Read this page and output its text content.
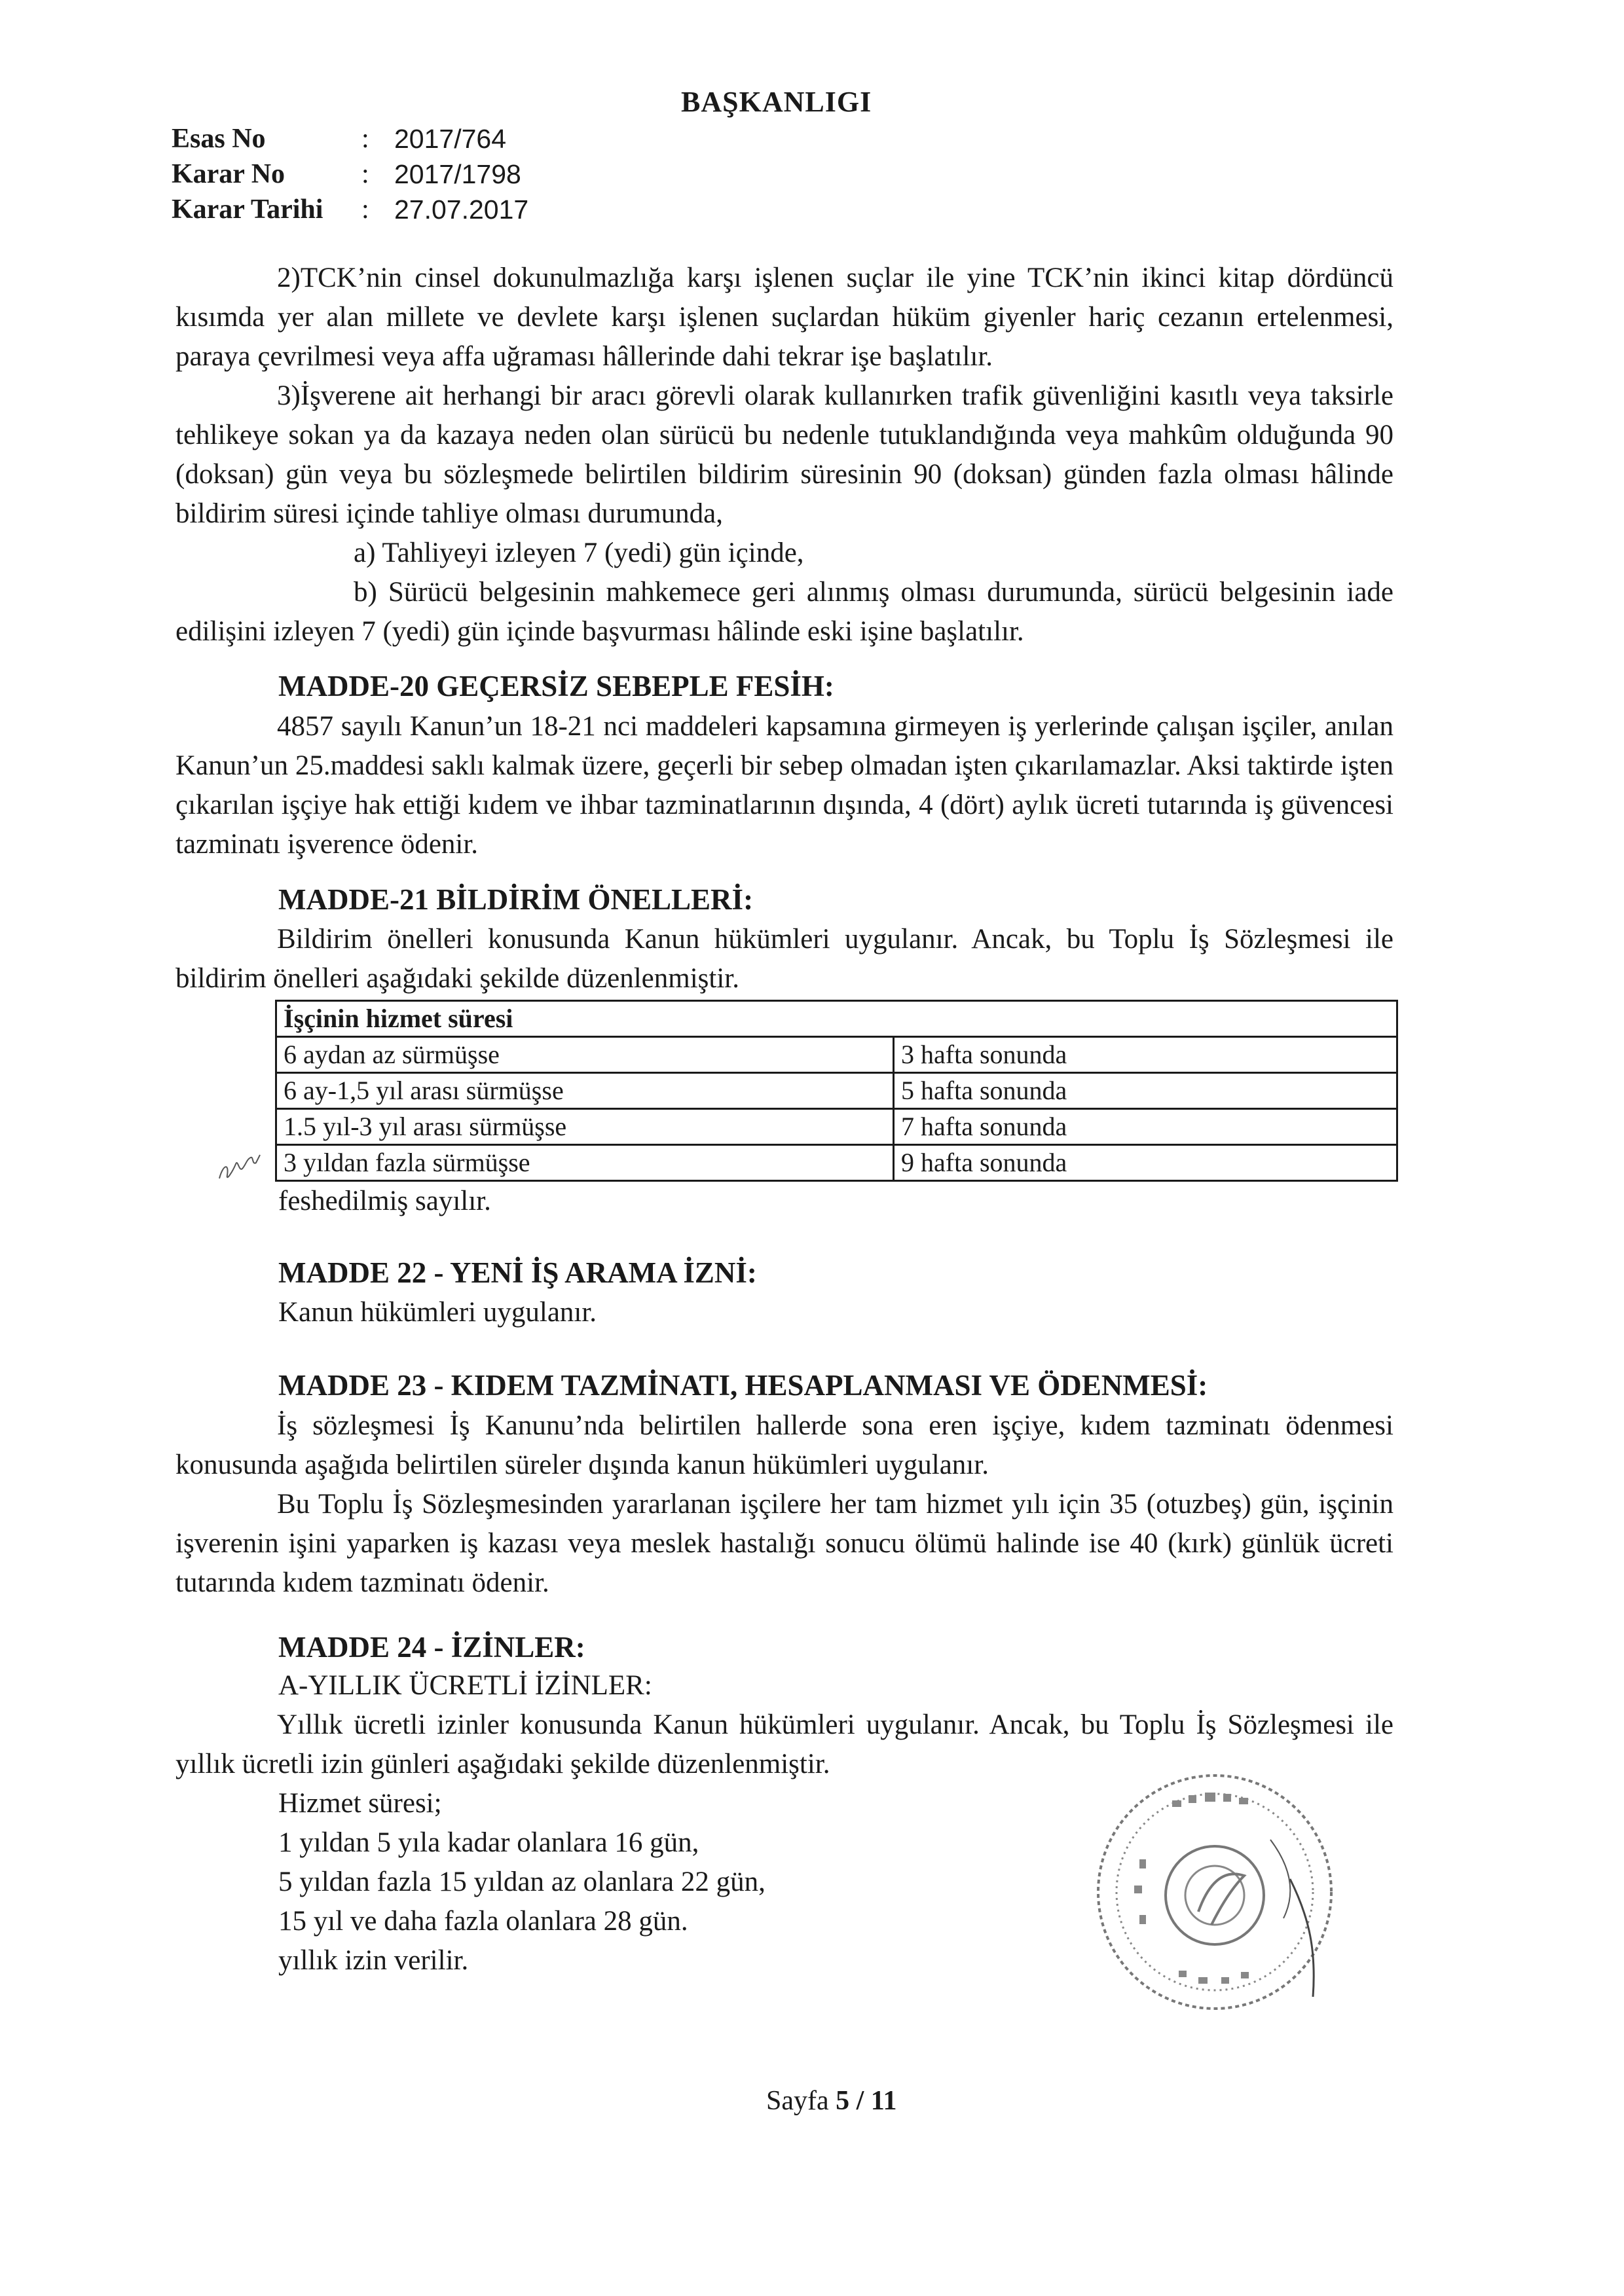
BAŞKANLIGI
Esas No	: 2017/764
Karar No	: 2017/1798
Karar Tarihi	: 27.07.2017
2)TCK’nin cinsel dokunulmazlığa karşı işlenen suçlar ile yine TCK’nin ikinci kitap dördüncü kısımda yer alan millete ve devlete karşı işlenen suçlardan hüküm giyenler hariç cezanın ertelenmesi, paraya çevrilmesi veya affa uğraması hâllerinde dahi tekrar işe başlatılır.
3)İşverene ait herhangi bir aracı görevli olarak kullanırken trafik güvenliğini kasıtlı veya taksirle tehlikeye sokan ya da kazaya neden olan sürücü bu nedenle tutuklandığında veya mahkûm olduğunda 90 (doksan) gün veya bu sözleşmede belirtilen bildirim süresinin 90 (doksan) günden fazla olması hâlinde bildirim süresi içinde tahliye olması durumunda,
a) Tahliyeyi izleyen 7 (yedi) gün içinde,
b) Sürücü belgesinin mahkemece geri alınmış olması durumunda, sürücü belgesinin iade edilişini izleyen 7 (yedi) gün içinde başvurması hâlinde eski işine başlatılır.
MADDE-20 GEÇERSİZ SEBEPLE FESİH:
4857 sayılı Kanun’un 18-21 nci maddeleri kapsamına girmeyen iş yerlerinde çalışan işçiler, anılan Kanun’un 25.maddesi saklı kalmak üzere, geçerli bir sebep olmadan işten çıkarılamazlar. Aksi taktirde işten çıkarılan işçiye hak ettiği kıdem ve ihbar tazminatlarının dışında, 4 (dört) aylık ücreti tutarında iş güvencesi tazminatı işverence ödenir.
MADDE-21 BİLDİRİM ÖNELLERİ:
Bildirim önelleri konusunda Kanun hükümleri uygulanır. Ancak, bu Toplu İş Sözleşmesi ile bildirim önelleri aşağıdaki şekilde düzenlenmiştir.
İşçinin hizmet süresi	
6 aydan az sürmüşse	3 hafta sonunda
6 ay-1,5 yıl arası sürmüşse	5 hafta sonunda
1.5 yıl-3 yıl arası sürmüşse	7 hafta sonunda
3 yıldan fazla sürmüşse	9 hafta sonunda
feshedilmiş sayılır.
MADDE 22 - YENİ İŞ ARAMA İZNİ:
Kanun hükümleri uygulanır.
MADDE 23 - KIDEM TAZMİNATI, HESAPLANMASI VE ÖDENMESİ:
İş sözleşmesi İş Kanunu’nda belirtilen hallerde sona eren işçiye, kıdem tazminatı ödenmesi konusunda aşağıda belirtilen süreler dışında kanun hükümleri uygulanır.
Bu Toplu İş Sözleşmesinden yararlanan işçilere her tam hizmet yılı için 35 (otuzbeş) gün, işçinin işverenin işini yaparken iş kazası veya meslek hastalığı sonucu ölümü halinde ise 40 (kırk) günlük ücreti tutarında kıdem tazminatı ödenir.
MADDE 24 - İZİNLER:
A-YILLIK ÜCRETLİ İZİNLER:
Yıllık ücretli izinler konusunda Kanun hükümleri uygulanır. Ancak, bu Toplu İş Sözleşmesi ile yıllık ücretli izin günleri aşağıdaki şekilde düzenlenmiştir.
Hizmet süresi;
1 yıldan 5 yıla kadar olanlara 16 gün,
5 yıldan fazla 15 yıldan az olanlara 22 gün,
15 yıl ve daha fazla olanlara 28 gün.
yıllık izin verilir.
Sayfa 5 / 11
